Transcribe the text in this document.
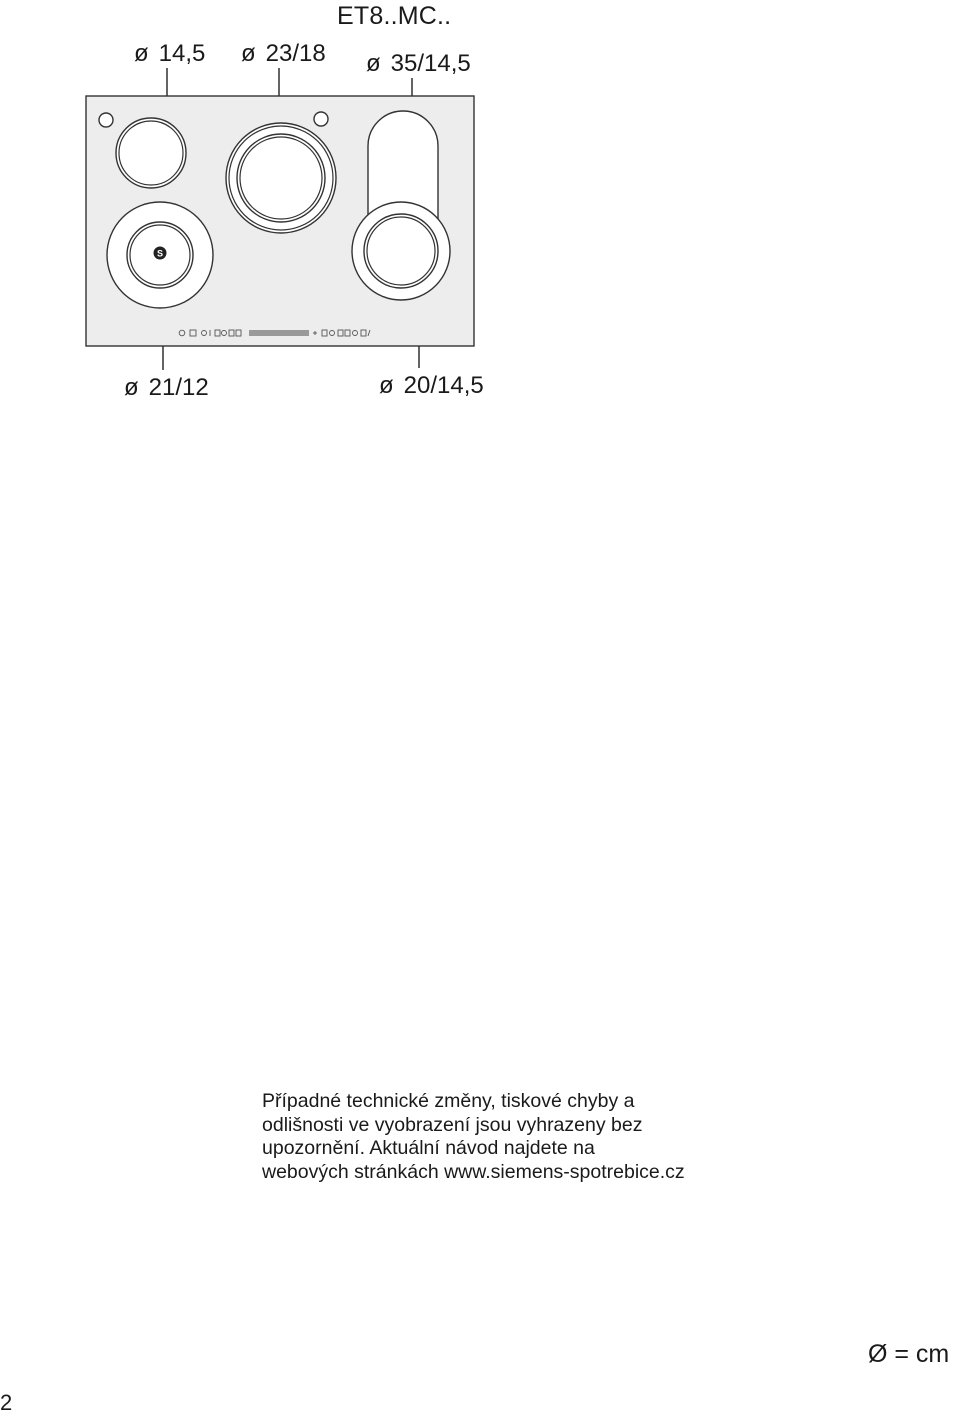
ET8..MC..
ø 14,5 ø 23/18 ø 35/14,5
ø 21/12	ø 20/14,5
S
Případné technické změny, tiskové chyby a
odlišnosti ve vyobrazení jsou vyhrazeny bez
upozornění. Aktuální návod najdete na
webových stránkách www.siemens-spotrebice.cz
Ø = cm
2
